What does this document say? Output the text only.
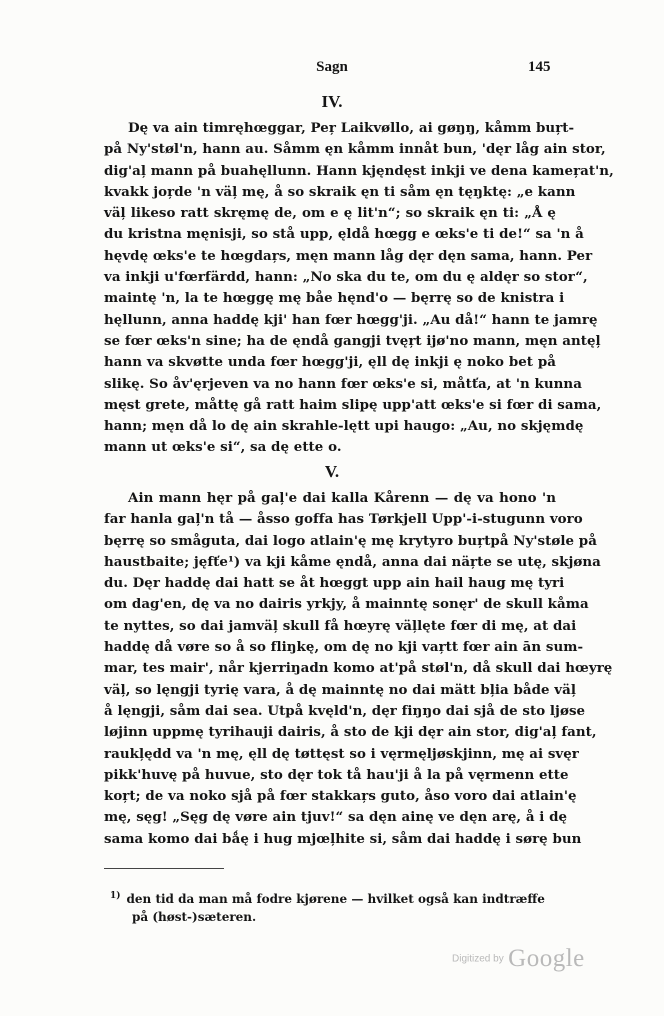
Sagn	145
IV.
Dę va ain timręhœggar, Peŗ Laikvøllo, ai gøŋŋ, kåmm buŗt-
på Ny'støl'n, hann au. Såmm ęn kåmm innåt bun, 'dęr låg ain stor,
dig'aļ mann på buahęllunn. Hann kjęndęst inkji ve dena kameŗat'n,
kvakk joŗde 'n väļ mę, å so skraik ęn ti såm ęn tęŋktę: „e kann
väļ likeso ratt skręmę de, om e ę lit'n“; so skraik ęn ti: „Å ę
du kristna męnisji, so stå upp, ęldå hœgg e œks'e ti de!“ sa 'n å
hęvdę œks'e te hœgdaŗs, męn mann låg dęr dęn sama, hann. Per
va inkji u'fœrfärdd, hann: „No ska du te, om du ę aldęr so stor“,
maintę 'n, la te hœggę mę båe hęnd'o — bęrrę so de knistra i
hęllunn, anna haddę kji' han fœr hœgg'ji. „Au då!“ hann te jamrę
se fœr œks'n sine; ha de ęndå gangji tvęŗt ijø'no mann, męn antęļ
hann va skvøtte unda fœr hœgg'ji, ęll dę inkji ę noko bet på
slikę. So åv'ęrjeven va no hann fœr œks'e si, måtťa, at 'n kunna
męst grete, måttę gå ratt haim slipę upp'att œks'e si fœr di sama,
hann; męn då lo dę ain skrahle-lętt upi haugo: „Au, no skjęmdę
mann ut œks'e si“, sa dę ette o.
V.
Ain mann hęr på gaļ'e dai kalla Kårenn — dę va hono 'n
far hanla gaļ'n tå — åsso goffa has Tørkjell Upp'-i-stugunn voro
bęrrę so småguta, dai logo atlain'ę mę krytyro buŗtpå Ny'støle på
haustbaite; jęfťe¹) va kji kåme ęndå, anna dai näŗte se utę, skjøna
du. Dęr haddę dai hatt se åt hœggt upp ain hail haug mę tyri
om dag'en, dę va no dairis yrkjy, å mainntę sonęr' de skull kåma
te nyttes, so dai jamväļ skull få hœyrę väļlęte fœr di mę, at dai
haddę då vøre so å so fliŋkę, om dę no kji vaŗtt fœr ain ān sum-
mar, tes mair', når kjerriŋadn komo at'på støl'n, då skull dai hœyrę
väļ, so lęngji tyrię vara, å dę mainntę no dai mätt bļia både väļ
å lęngji, såm dai sea. Utpå kvęld'n, dęr fiŋŋo dai sjå de sto ljøse
løjinn uppmę tyrihauji dairis, å sto de kji dęr ain stor, dig'aļ fant,
raukļędd va 'n mę, ęll dę tøttęst so i vęrmęljøskjinn, mę ai svęr
pikk'huvę på huvue, sto dęr tok tå hau'ji å la på vęrmenn ette
koŗt; de va noko sjå på fœr stakkaŗs guto, åso voro dai atlain'ę
mę, sęg! „Sęg dę vøre ain tjuv!“ sa dęn ainę ve dęn arę, å i dę
sama komo dai bǻę i hug mjœļhite si, såm dai haddę i sørę bun
$^{1)}$ den tid da man må fodre kjørene — hvilket også kan indtræffe
på (høst-)sæteren.
Digitized by Google
